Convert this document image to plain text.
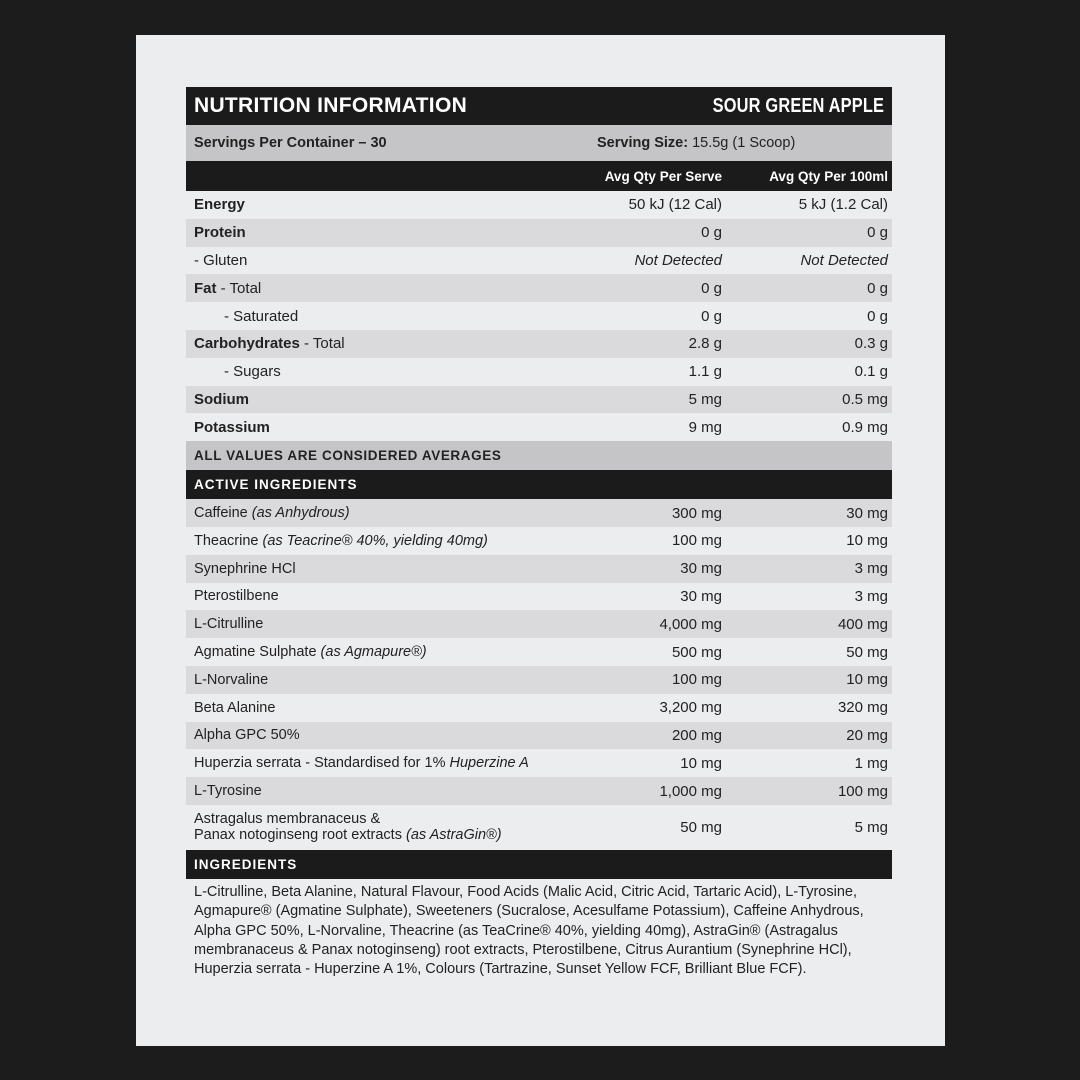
NUTRITION INFORMATION	SOUR GREEN APPLE
Servings Per Container – 30	Serving Size: 15.5g (1 Scoop)
Avg Qty Per Serve	Avg Qty Per 100ml
Energy	50 kJ (12 Cal)	5 kJ (1.2 Cal)
Protein	0 g	0 g
- Gluten	Not Detected	Not Detected
Fat - Total	0 g	0 g
- Saturated	0 g	0 g
Carbohydrates - Total	2.8 g	0.3 g
- Sugars	1.1 g	0.1 g
Sodium	5 mg	0.5 mg
Potassium	9 mg	0.9 mg
ALL VALUES ARE CONSIDERED AVERAGES
ACTIVE INGREDIENTS
Caffeine (as Anhydrous)	300 mg	30 mg
Theacrine (as Teacrine® 40%, yielding 40mg)	100 mg	10 mg
Synephrine HCl	30 mg	3 mg
Pterostilbene	30 mg	3 mg
L-Citrulline	4,000 mg	400 mg
Agmatine Sulphate (as Agmapure®)	500 mg	50 mg
L-Norvaline	100 mg	10 mg
Beta Alanine	3,200 mg	320 mg
Alpha GPC 50%	200 mg	20 mg
Huperzia serrata - Standardised for 1% Huperzine A	10 mg	1 mg
L-Tyrosine	1,000 mg	100 mg
Astragalus membranaceus &
Panax notoginseng root extracts (as AstraGin®)	50 mg	5 mg
INGREDIENTS
L-Citrulline, Beta Alanine, Natural Flavour, Food Acids (Malic Acid, Citric Acid, Tartaric Acid), L-Tyrosine, Agmapure® (Agmatine Sulphate), Sweeteners (Sucralose, Acesulfame Potassium), Caffeine Anhydrous, Alpha GPC 50%, L-Norvaline, Theacrine (as TeaCrine® 40%, yielding 40mg), AstraGin® (Astragalus membranaceus & Panax notoginseng) root extracts, Pterostilbene, Citrus Aurantium (Synephrine HCl), Huperzia serrata - Huperzine A 1%, Colours (Tartrazine, Sunset Yellow FCF, Brilliant Blue FCF).
